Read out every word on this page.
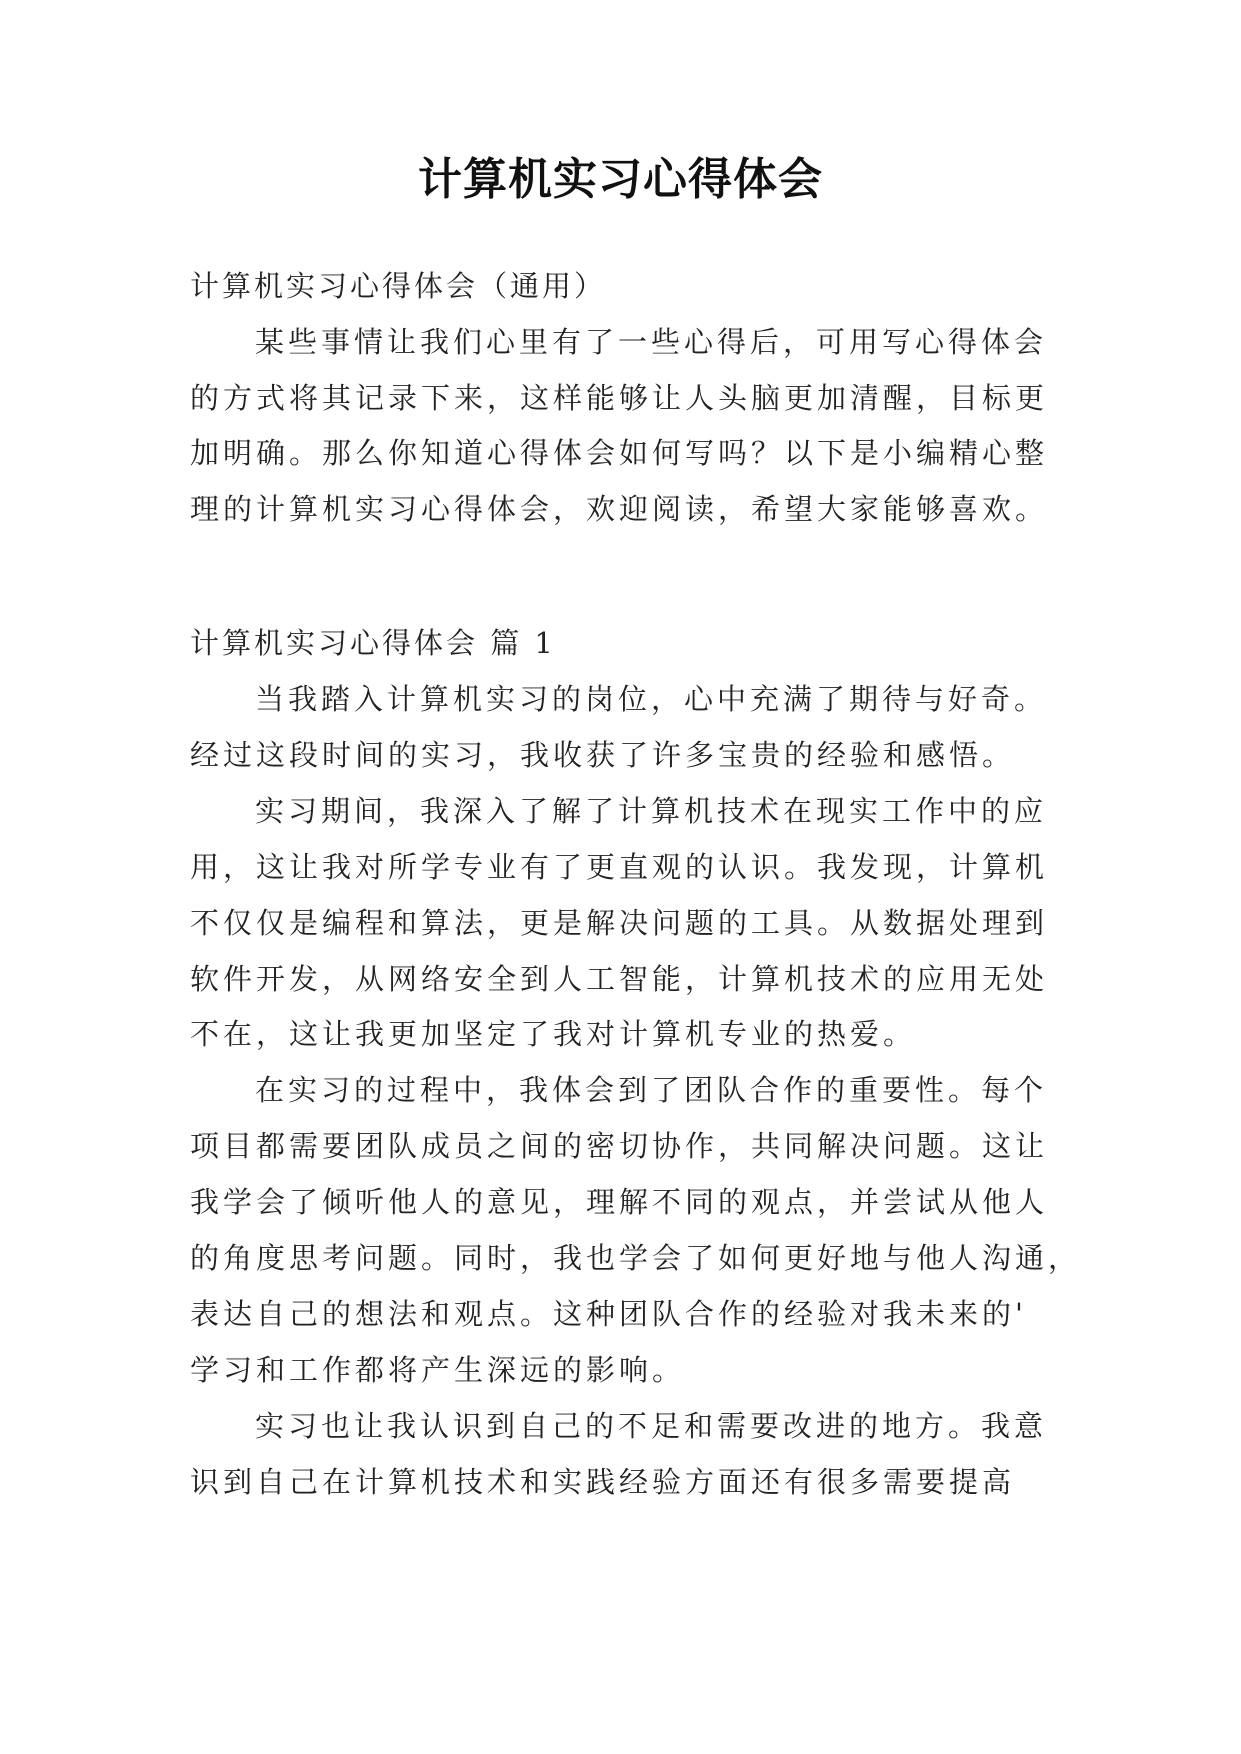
计算机实习心得体会
计算机实习心得体会（通用）
某些事情让我们心里有了一些心得后，可用写心得体会
的方式将其记录下来，这样能够让人头脑更加清醒，目标更
加明确。那么你知道心得体会如何写吗？以下是小编精心整
理的计算机实习心得体会，欢迎阅读，希望大家能够喜欢。
计算机实习心得体会 篇 1
当我踏入计算机实习的岗位，心中充满了期待与好奇。
经过这段时间的实习，我收获了许多宝贵的经验和感悟。
实习期间，我深入了解了计算机技术在现实工作中的应
用，这让我对所学专业有了更直观的认识。我发现，计算机
不仅仅是编程和算法，更是解决问题的工具。从数据处理到
软件开发，从网络安全到人工智能，计算机技术的应用无处
不在，这让我更加坚定了我对计算机专业的热爱。
在实习的过程中，我体会到了团队合作的重要性。每个
项目都需要团队成员之间的密切协作，共同解决问题。这让
我学会了倾听他人的意见，理解不同的观点，并尝试从他人
的角度思考问题。同时，我也学会了如何更好地与他人沟通，
表达自己的想法和观点。这种团队合作的经验对我未来的'
学习和工作都将产生深远的影响。
实习也让我认识到自己的不足和需要改进的地方。我意
识到自己在计算机技术和实践经验方面还有很多需要提高
